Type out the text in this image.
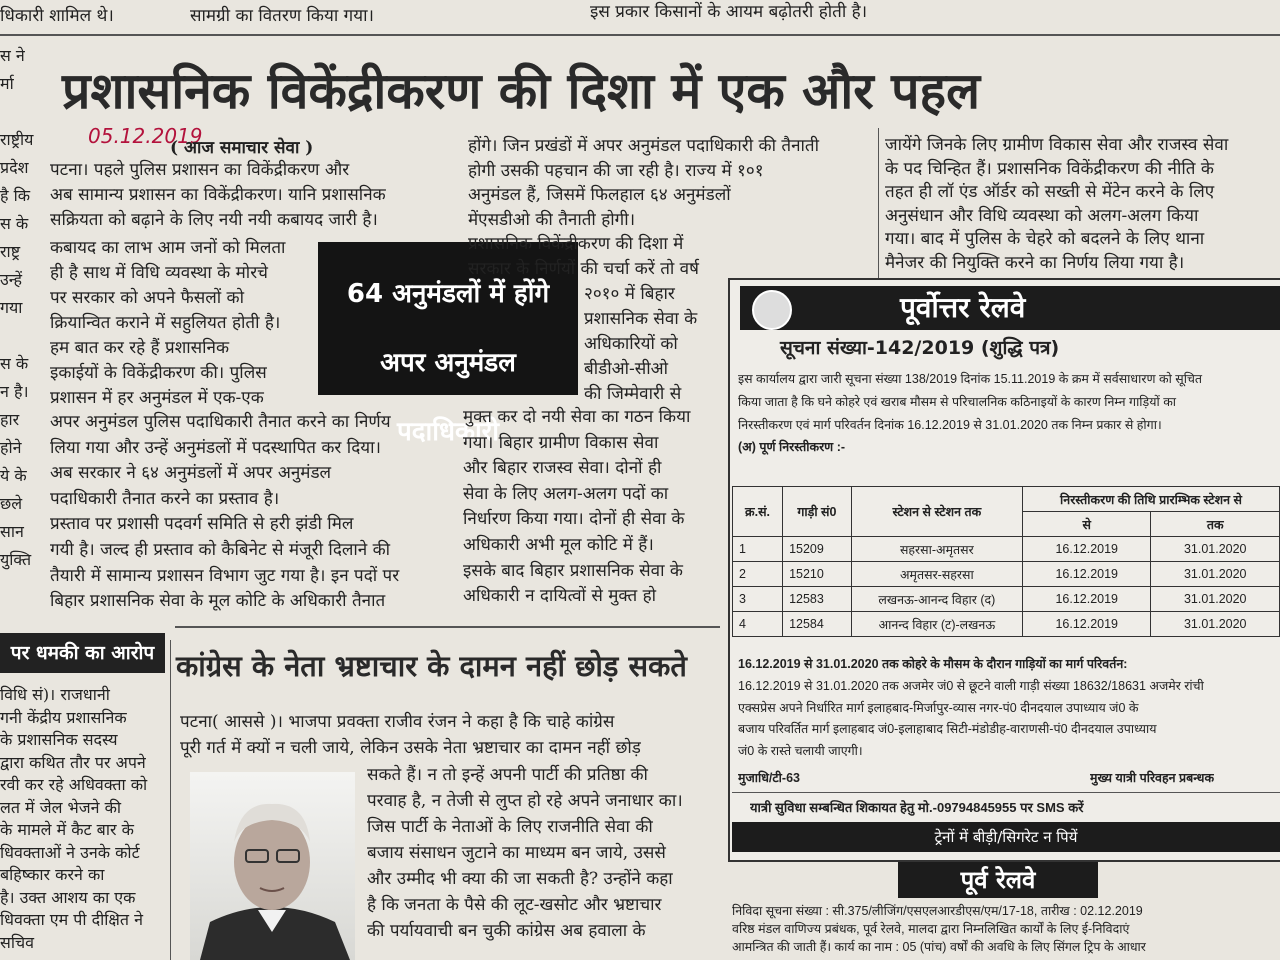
धिकारी शामिल थे।	सामग्री का वितरण किया गया।	इस प्रकार किसानों के आयम बढ़ोतरी होती है।

स ने

र्मा

राष्ट्रीय

प्रदेश

है कि

स के

राष्ट्र

उन्हें

गया

स के

न है।

हार

होने

ये के

छले

सान

युक्ति

पर धमकी का आरोप

विधि सं)। राजधानी

गनी केंद्रीय प्रशासनिक

के प्रशासनिक सदस्य

द्वारा कथित तौर पर अपने

रवी कर रहे अधिवक्ता को

लत में जेल भेजने की

के मामले में कैट बार के

धिवक्ताओं ने उनके कोर्ट

बहिष्कार करने का

है। उक्त आशय का एक

धिवक्ता एम पी दीक्षित ने

सचिव

प्रशासनिक विकेंद्रीकरण की दिशा में एक और पहल
05.12.2019
( आज समाचार सेवा )

पटना। पहले पुलिस प्रशासन का विकेंद्रीकरण और

अब सामान्य प्रशासन का विकेंद्रीकरण। यानि प्रशासनिक

सक्रियता को बढ़ाने के लिए नयी नयी कबायद जारी है।

कबायद का लाभ आम जनों को मिलता

ही है साथ में विधि व्यवस्था के मोरचे

पर सरकार को अपने फैसलों को

क्रियान्वित कराने में सहुलियत होती है।

हम बात कर रहे हैं प्रशासनिक

इकाईयों के विकेंद्रीकरण की। पुलिस

प्रशासन में हर अनुमंडल में एक-एक

अपर अनुमंडल पुलिस पदाधिकारी तैनात करने का निर्णय

लिया गया और उन्हें अनुमंडलों में पदस्थापित कर दिया।

अब सरकार ने ६४ अनुमंडलों में अपर अनुमंडल

पदाधिकारी तैनात करने का प्रस्ताव है।

प्रस्ताव पर प्रशासी पदवर्ग समिति से हरी झंडी मिल

गयी है। जल्द ही प्रस्ताव को कैबिनेट से मंजूरी दिलाने की

तैयारी में सामान्य प्रशासन विभाग जुट गया है। इन पदों पर

बिहार प्रशासनिक सेवा के मूल कोटि के अधिकारी तैनात

64 अनुमंडलों में होंगे

अपर अनुमंडल

पदाधिकारी

होंगे। जिन प्रखंडों में अपर अनुमंडल पदाधिकारी की तैनाती

होगी उसकी पहचान की जा रही है। राज्य में १०१

अनुमंडल हैं, जिसमें फिलहाल ६४ अनुमंडलों

मेंएसडीओ की तैनाती होगी।

प्रशासनिक विकेंद्रीकरण की दिशा में

सरकार के निर्णयों की चर्चा करें तो वर्ष

२०१० में बिहार

प्रशासनिक सेवा के

अधिकारियों को

बीडीओ-सीओ

की जिम्मेवारी से

मुक्त कर दो नयी सेवा का गठन किया

गया। बिहार ग्रामीण विकास सेवा

और बिहार राजस्व सेवा। दोनों ही

सेवा के लिए अलग-अलग पदों का

निर्धारण किया गया। दोनों ही सेवा के

अधिकारी अभी मूल कोटि में हैं।

इसके बाद बिहार प्रशासनिक सेवा के

अधिकारी न दायित्वों से मुक्त हो

जायेंगे जिनके लिए ग्रामीण विकास सेवा और राजस्व सेवा

के पद चिन्हित हैं। प्रशासनिक विकेंद्रीकरण की नीति के

तहत ही लॉ एंड ऑर्डर को सख्ती से मेंटेन करने के लिए

अनुसंधान और विधि व्यवस्था को अलग-अलग किया

गया। बाद में पुलिस के चेहरे को बदलने के लिए थाना

मैनेजर की नियुक्ति करने का निर्णय लिया गया है।

कांग्रेस के नेता भ्रष्टाचार के दामन नहीं छोड़ सकते

पटना( आससे )। भाजपा प्रवक्ता राजीव रंजन ने कहा है कि चाहे कांग्रेस

पूरी गर्त में क्यों न चली जाये, लेकिन उसके नेता भ्रष्टाचार का दामन नहीं छोड़

सकते हैं। न तो इन्हें अपनी पार्टी की प्रतिष्ठा की

परवाह है, न तेजी से लुप्त हो रहे अपने जनाधार का।

जिस पार्टी के नेताओं के लिए राजनीति सेवा की

बजाय संसाधन जुटाने का माध्यम बन जाये, उससे

और उम्मीद भी क्या की जा सकती है? उन्होंने कहा

है कि जनता के पैसे की लूट-खसोट और भ्रष्टाचार

की पर्यायवाची बन चुकी कांग्रेस अब हवाला के

पूर्वोत्तर रेलवे
सूचना संख्या-142/2019 (शुद्धि पत्र)

इस कार्यालय द्वारा जारी सूचना संख्या 138/2019 दिनांक 15.11.2019 के क्रम में सर्वसाधारण को सूचित

किया जाता है कि घने कोहरे एवं खराब मौसम से परिचालनिक कठिनाइयों के कारण निम्न गाड़ियों का

निरस्तीकरण एवं मार्ग परिवर्तन दिनांक 16.12.2019 से 31.01.2020 तक निम्न प्रकार से होगा।

(अ) पूर्ण निरस्तीकरण :-
क्र.सं.	गाड़ी सं0	स्टेशन से स्टेशन तक	निरस्तीकरण की तिथि प्रारम्भिक स्टेशन से	
			से	तक
1	15209	सहरसा-अमृतसर	16.12.2019	31.01.2020
2	15210	अमृतसर-सहरसा	16.12.2019	31.01.2020
3	12583	लखनऊ-आनन्द विहार (द)	16.12.2019	31.01.2020
4	12584	आनन्द विहार (ट)-लखनऊ	16.12.2019	31.01.2020
16.12.2019 से 31.01.2020 तक कोहरे के मौसम के दौरान गाड़ियों का मार्ग परिवर्तन:

16.12.2019 से 31.01.2020 तक अजमेर जं0 से छूटने वाली गाड़ी संख्या 18632/18631 अजमेर रांची

एक्सप्रेस अपने निर्धारित मार्ग इलाहबाद-मिर्जापुर-व्यास नगर-पं0 दीनदयाल उपाध्याय जं0 के

बजाय परिवर्तित मार्ग इलाहबाद जं0-इलाहाबाद सिटी-मंडोडीह-वाराणसी-पं0 दीनदयाल उपाध्याय

जं0 के रास्ते चलायी जाएगी।

मुजाधि/टी-63	मुख्य यात्री परिवहन प्रबन्धक
यात्री सुविधा सम्बन्धित शिकायत हेतु मो.-09794845955 पर SMS करें
ट्रेनों में बीड़ी/सिगरेट न पियें
पूर्व रेलवे

निविदा सूचना संख्या : सी.375/लीजिंग/एसएलआरडीएस/एम/17-18, तारीख : 02.12.2019

वरिष्ठ मंडल वाणिज्य प्रबंधक, पूर्व रेलवे, मालदा द्वारा निम्नलिखित कार्यों के लिए ई-निविदाएं

आमन्त्रित की जाती हैं। कार्य का नाम : 05 (पांच) वर्षों की अवधि के लिए सिंगल ट्रिप के आधार
